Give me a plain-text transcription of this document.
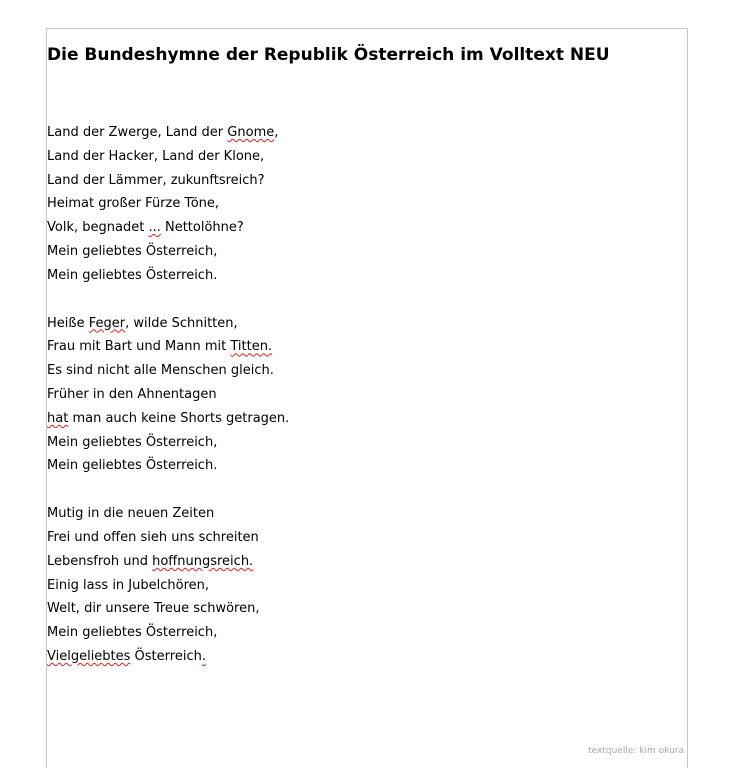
Die Bundeshymne der Republik Österreich im Volltext NEU
Land der Zwerge, Land der Gnome,
Land der Hacker, Land der Klone,
Land der Lämmer, zukunftsreich?
Heimat großer Fürze Töne,
Volk, begnadet ... Nettolöhne?
Mein geliebtes Österreich,
Mein geliebtes Österreich.
Heiße Feger, wilde Schnitten,
Frau mit Bart und Mann mit Titten.
Es sind nicht alle Menschen gleich.
Früher in den Ahnentagen
hat man auch keine Shorts getragen.
Mein geliebtes Österreich,
Mein geliebtes Österreich.
Mutig in die neuen Zeiten
Frei und offen sieh uns schreiten
Lebensfroh und hoffnungsreich.
Einig lass in Jubelchören,
Welt, dir unsere Treue schwören,
Mein geliebtes Österreich,
Vielgeliebtes Österreich.
textquelle: kim okura
